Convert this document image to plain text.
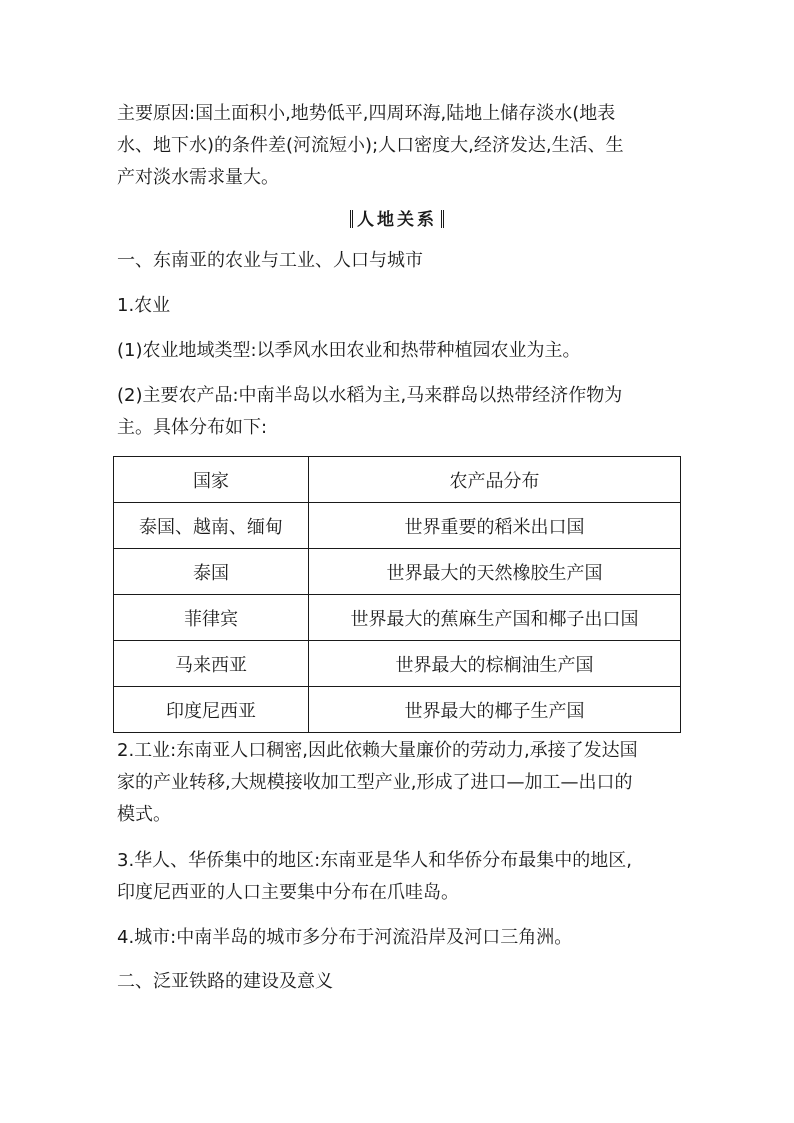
主要原因:国土面积小,地势低平,四周环海,陆地上储存淡水(地表
水、地下水)的条件差(河流短小);人口密度大,经济发达,生活、生
产对淡水需求量大。

人地关系

一、东南亚的农业与工业、人口与城市

1.农业

(1)农业地域类型:以季风水田农业和热带种植园农业为主。

(2)主要农产品:中南半岛以水稻为主,马来群岛以热带经济作物为
主。具体分布如下:

国家	农产品分布
泰国、越南、缅甸	世界重要的稻米出口国
泰国	世界最大的天然橡胶生产国
菲律宾	世界最大的蕉麻生产国和椰子出口国
马来西亚	世界最大的棕榈油生产国
印度尼西亚	世界最大的椰子生产国

2.工业:东南亚人口稠密,因此依赖大量廉价的劳动力,承接了发达国
家的产业转移,大规模接收加工型产业,形成了进口—加工—出口的
模式。

3.华人、华侨集中的地区:东南亚是华人和华侨分布最集中的地区,
印度尼西亚的人口主要集中分布在爪哇岛。

4.城市:中南半岛的城市多分布于河流沿岸及河口三角洲。

二、泛亚铁路的建设及意义
